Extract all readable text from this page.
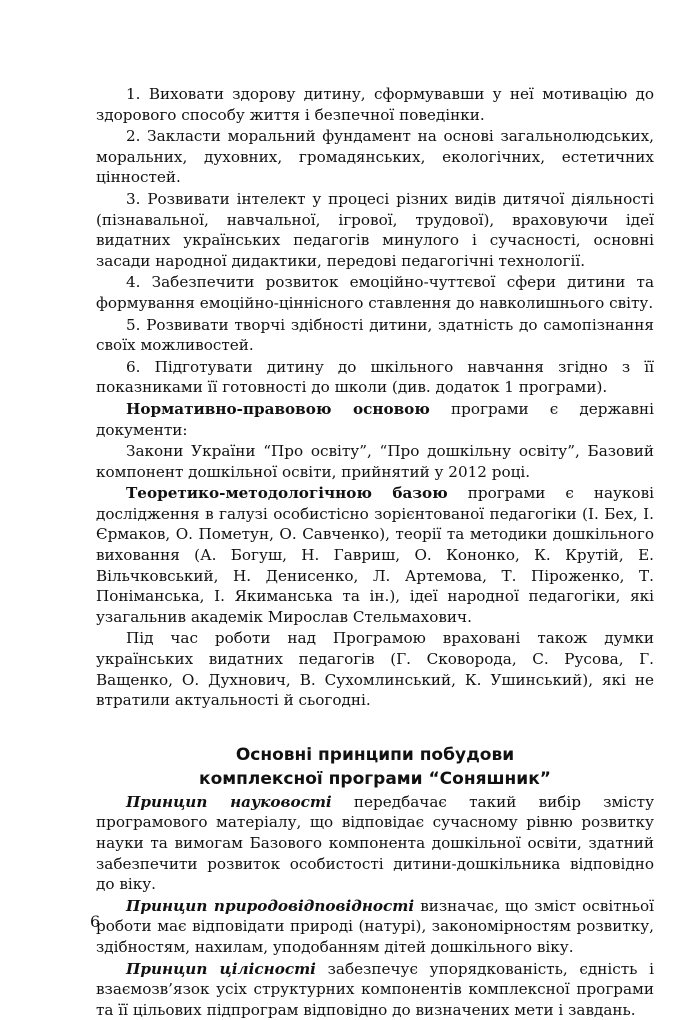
1. Виховати здорову дитину, сформувавши у неї мотивацію до здорового способу життя і безпечної поведінки.

2. Закласти моральний фундамент на основі загальнолюдських, моральних, духовних, громадянських, екологічних, естетичних цінностей.

3. Розвивати інтелект у процесі різних видів дитячої діяльності (пізнавальної, навчальної, ігрової, трудової), враховуючи ідеї видатних українських педагогів минулого і сучасності, основні засади народної дидактики, передові педагогічні технології.

4. Забезпечити розвиток емоційно-чуттєвої сфери дитини та формування емоційно-ціннісного ставлення до навколишнього світу.

5. Розвивати творчі здібності дитини, здатність до самопізнання своїх можливостей.

6. Підготувати дитину до шкільного навчання згідно з її показниками її готовності до школи (див. додаток 1 програми).

Нормативно-правовою основою програми є державні документи:

Закони України “Про освіту”, “Про дошкільну освіту”, Базовий компонент дошкільної освіти, прийнятий у 2012 році.

Теоретико-методологічною базою програми є наукові дослідження в галузі особистісно зорієнтованої педагогіки (І. Бех, І. Єрмаков, О. Пометун, О. Савченко), теорії та методики дошкільного виховання (А. Богуш, Н. Гавриш, О. Кононко, К. Крутій, Е. Вільчковський, Н. Денисенко, Л. Артемова, Т. Піроженко, Т. Поніманська, І. Якиманська та ін.), ідеї народної педагогіки, які узагальнив академік Мирослав Стельмахович.

Під час роботи над Програмою враховані також думки українських видатних педагогів (Г. Сковорода, С. Русова, Г. Ващенко, О. Духнович, В. Сухомлинський, К. Ушинський), які не втратили актуальності й сьогодні.

Основні принципи побудови
комплексної програми “Соняшник”

Принцип науковості передбачає такий вибір змісту програмового матеріалу, що відповідає сучасному рівню розвитку науки та вимогам Базового компонента дошкільної освіти, здатний забезпечити розвиток особистості дитини-дошкільника відповідно до віку.

Принцип природовідповідності визначає, що зміст освітньої роботи має відповідати природі (натурі), закономірностям розвитку, здібностям, нахилам, уподобанням дітей дошкільного віку.

Принцип цілісності забезпечує упорядкованість, єдність і взаємозв’язок усіх структурних компонентів комплексної програми та її цільових підпрограм відповідно до визначених мети і завдань.

6
